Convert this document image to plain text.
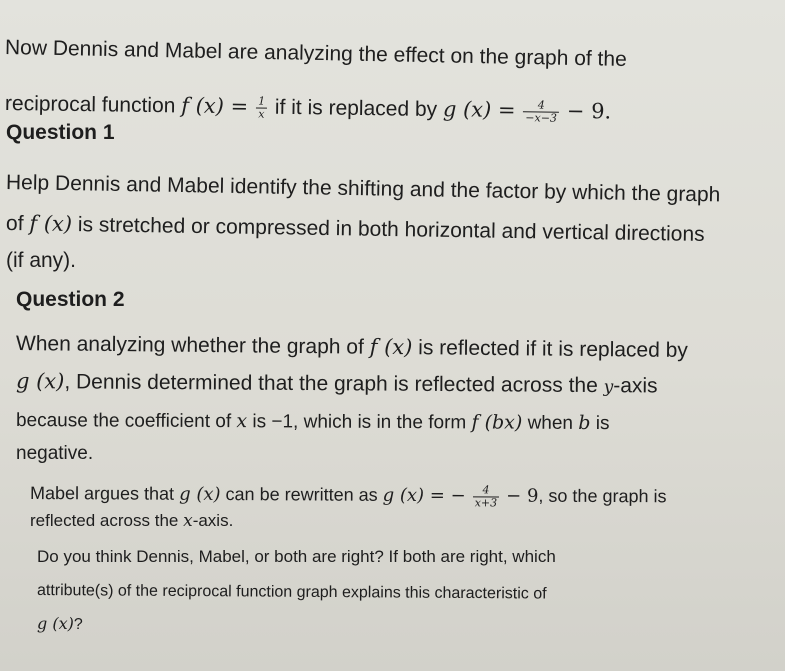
Now Dennis and Mabel are analyzing the effect on the graph of the
reciprocal function f $(x) = \frac{1}{x}$ if it is replaced by g $(x) = \frac{4}{-x-3} - 9$.
Question 1
Help Dennis and Mabel identify the shifting and the factor by which the graph
of f (x) is stretched or compressed in both horizontal and vertical directions
(if any).
Question 2
When analyzing whether the graph of f (x) is reflected if it is replaced by
g (x), Dennis determined that the graph is reflected across the y-axis
because the coefficient of x is −1, which is in the form f (bx) when b is
negative.
Mabel argues that g (x) can be rewritten as g (x) = − $\frac{4}{x+3} - 9$, so the graph is
reflected across the x-axis.
Do you think Dennis, Mabel, or both are right? If both are right, which
attribute(s) of the reciprocal function graph explains this characteristic of
g (x)?
